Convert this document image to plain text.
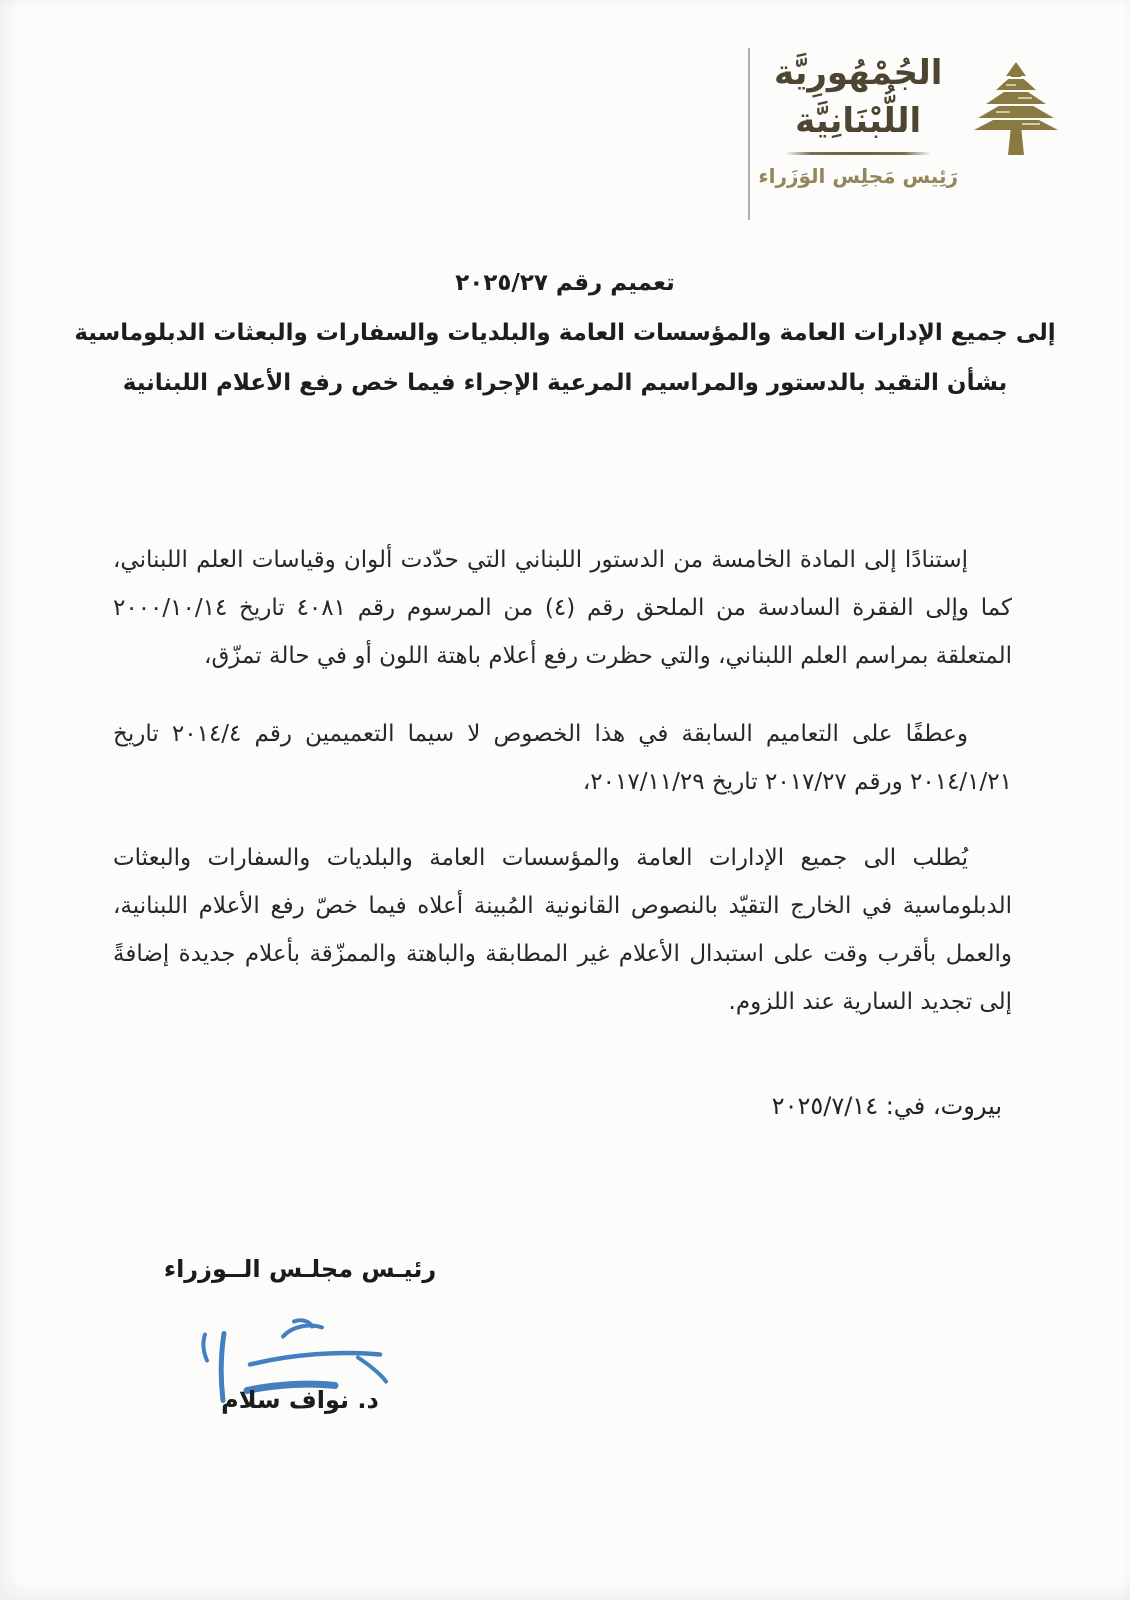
الجُمْهُورِيَّة
اللُّبْنَانِيَّة
رَئِيس مَجلِس الوَزَراء
تعميم رقم ٢٠٢٥/٢٧
إلى جميع الإدارات العامة والمؤسسات العامة والبلديات والسفارات والبعثات الدبلوماسية
بشأن التقيد بالدستور والمراسيم المرعية الإجراء فيما خص رفع الأعلام اللبنانية

إستنادًا إلى المادة الخامسة من الدستور اللبناني التي حدّدت ألوان وقياسات العلم اللبناني، كما وإلى الفقرة السادسة من الملحق رقم (٤) من المرسوم رقم ٤٠٨١ تاريخ ٢٠٠٠/١٠/١٤ المتعلقة بمراسم العلم اللبناني، والتي حظرت رفع أعلام باهتة اللون أو في حالة تمزّق،

وعطفًا على التعاميم السابقة في هذا الخصوص لا سيما التعميمين رقم ٢٠١٤/٤ تاريخ ٢٠١٤/١/٢١ ورقم ٢٠١٧/٢٧ تاريخ ٢٠١٧/١١/٢٩،

يُطلب الى جميع الإدارات العامة والمؤسسات العامة والبلديات والسفارات والبعثات الدبلوماسية في الخارج التقيّد بالنصوص القانونية المُبينة أعلاه فيما خصّ رفع الأعلام اللبنانية، والعمل بأقرب وقت على استبدال الأعلام غير المطابقة والباهتة والممزّقة بأعلام جديدة إضافةً إلى تجديد السارية عند اللزوم.

بيروت، في: ٢٠٢٥/٧/١٤
رئيـس مجلـس الــوزراء
د. نواف سلام
